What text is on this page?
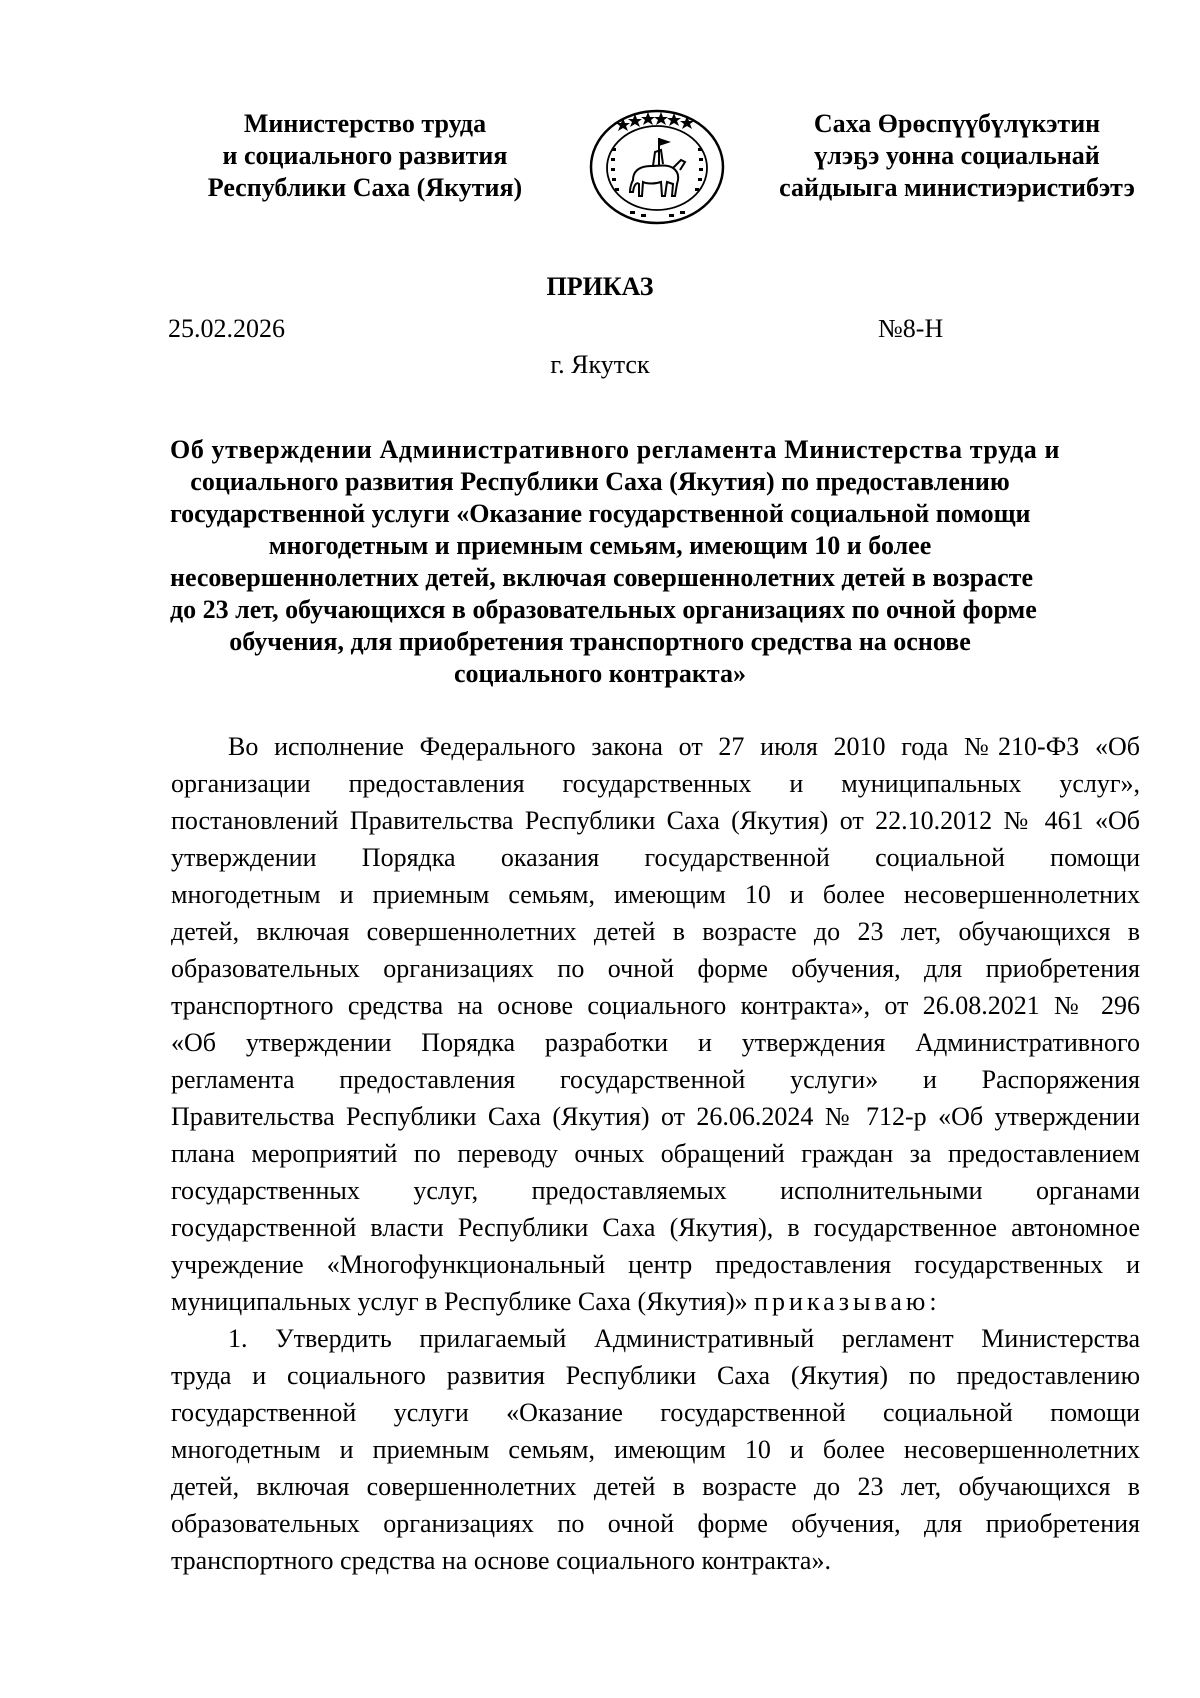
Министерство труда
и социального развития
Республики Саха (Якутия)
Саха Өрөспүүбүлүкэтин
үлэҕэ уонна социальнай
сайдыыга министиэристибэтэ
ПРИКАЗ
25.02.2026	№8-Н
г. Якутск
Об утверждении Административного регламента Министерства труда и
социального развития Республики Саха (Якутия) по предоставлению
государственной услуги «Оказание государственной социальной помощи
многодетным и приемным семьям, имеющим 10 и более
несовершеннолетних детей, включая совершеннолетних детей в возрасте
до 23 лет, обучающихся в образовательных организациях по очной форме
обучения, для приобретения транспортного средства на основе
социального контракта»
Во исполнение Федерального закона от 27 июля 2010 года №210-ФЗ «Об
организации предоставления государственных и муниципальных услуг»,
постановлений Правительства Республики Саха (Якутия) от 22.10.2012 № 461 «Об
утверждении Порядка оказания государственной социальной помощи
многодетным и приемным семьям, имеющим 10 и более несовершеннолетних
детей, включая совершеннолетних детей в возрасте до 23 лет, обучающихся в
образовательных организациях по очной форме обучения, для приобретения
транспортного средства на основе социального контракта», от 26.08.2021 № 296
«Об утверждении Порядка разработки и утверждения Административного
регламента предоставления государственной услуги» и Распоряжения
Правительства Республики Саха (Якутия) от 26.06.2024 № 712-р «Об утверждении
плана мероприятий по переводу очных обращений граждан за предоставлением
государственных услуг, предоставляемых исполнительными органами
государственной власти Республики Саха (Якутия), в государственное автономное
учреждение «Многофункциональный центр предоставления государственных и
муниципальных услуг в Республике Саха (Якутия)» приказываю:
1. Утвердить прилагаемый Административный регламент Министерства
труда и социального развития Республики Саха (Якутия) по предоставлению
государственной услуги «Оказание государственной социальной помощи
многодетным и приемным семьям, имеющим 10 и более несовершеннолетних
детей, включая совершеннолетних детей в возрасте до 23 лет, обучающихся в
образовательных организациях по очной форме обучения, для приобретения
транспортного средства на основе социального контракта».
